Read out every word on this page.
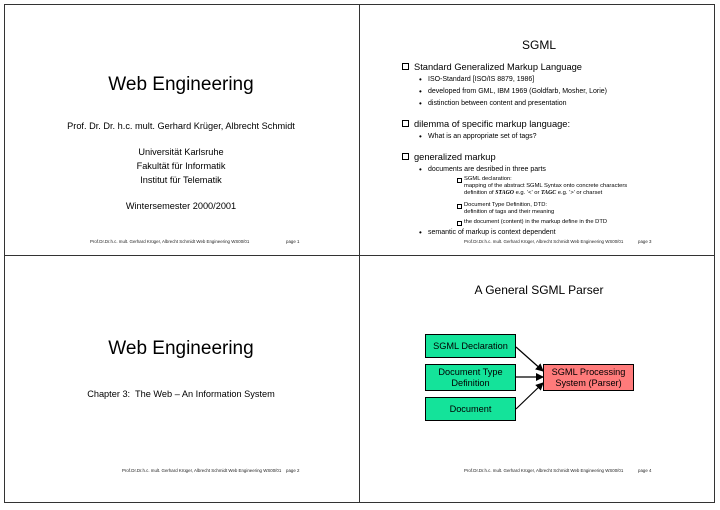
Web Engineering
Prof. Dr. Dr. h.c. mult. Gerhard Krüger, Albrecht Schmidt
Universität Karlsruhe
Fakultät für Informatik
Institut für Telematik
Wintersemester 2000/2001
Prof.Dr.Dr.h.c. mult. Gerhard Krüger, Albrecht Schmidt Web Engineering WS00/01	page 1
SGML
Standard Generalized Markup Language
• ISO-Standard [ISO/IS 8879, 1986]
• developed from GML, IBM 1969 (Goldfarb, Mosher, Lorie)
• distinction between content and presentation
dilemma of specific markup language:
• What is an appropriate set of tags?
generalized markup
• documents are desribed in three parts
SGML declaration:
mapping of the abstract SGML Syntax onto concrete characters
definition of STAGO e.g. ‘<’ or TAGC e.g. ‘>’ or charset
Document Type Definition, DTD:
definition of tags and their meaning
the document (content) in the markup define in the DTD
• semantic of markup is context dependent
Prof.Dr.Dr.h.c. mult. Gerhard Krüger, Albrecht Schmidt Web Engineering WS00/01	page 3
Web Engineering
Chapter 3:  The Web – An Information System
Prof.Dr.Dr.h.c. mult. Gerhard Krüger, Albrecht Schmidt Web Engineering WS00/01 page 2
A General SGML Parser
SGML Declaration
Document Type
Definition
Document
SGML Processing
System (Parser)
Prof.Dr.Dr.h.c. mult. Gerhard Krüger, Albrecht Schmidt Web Engineering WS00/01	page 4
